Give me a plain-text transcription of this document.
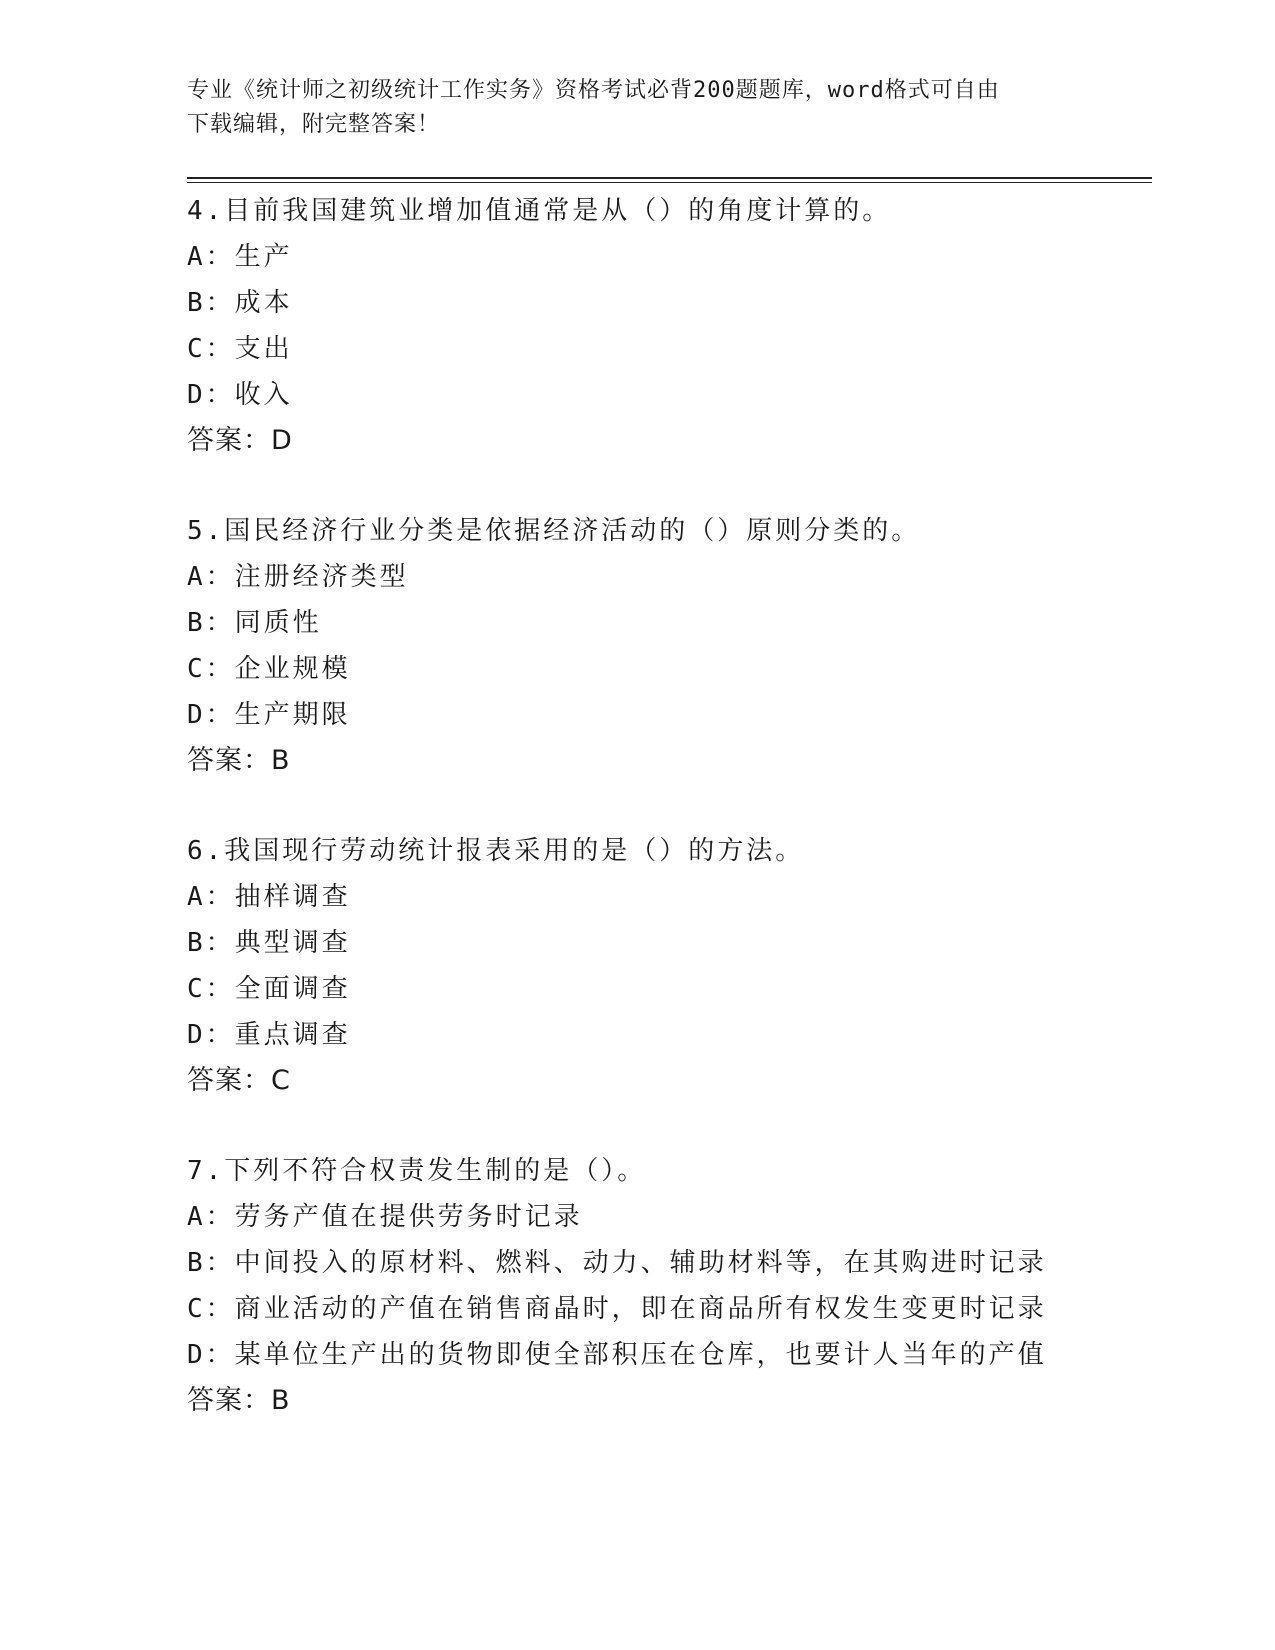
专业《统计师之初级统计工作实务》资格考试必背200题题库，word格式可自由
下载编辑，附完整答案！
4.目前我国建筑业增加值通常是从（）的角度计算的。
A：生产
B：成本
C：支出
D：收入
答案：D
5.国民经济行业分类是依据经济活动的（）原则分类的。
A：注册经济类型
B：同质性
C：企业规模
D：生产期限
答案：B
6.我国现行劳动统计报表采用的是（）的方法。
A：抽样调查
B：典型调查
C：全面调查
D：重点调查
答案：C
7.下列不符合权责发生制的是（）。
A：劳务产值在提供劳务时记录
B：中间投入的原材料、燃料、动力、辅助材料等，在其购进时记录
C：商业活动的产值在销售商晶时，即在商品所有权发生变更时记录
D：某单位生产出的货物即使全部积压在仓库，也要计人当年的产值
答案：B
